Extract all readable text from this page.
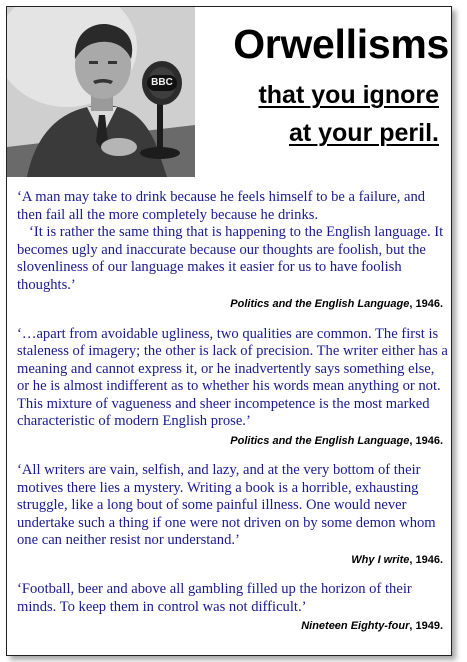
BBC
Orwellisms
that you ignore
at your peril.

‘A man may take to drink because he feels himself to be a failure, and then fail all the more completely because he drinks.

‘It is rather the same thing that is happening to the English language. It becomes ugly and inaccurate because our thoughts are foolish, but the slovenliness of our language makes it easier for us to have foolish thoughts.’

Politics and the English Language, 1946.

‘…apart from avoidable ugliness, two qualities are common. The first is staleness of imagery; the other is lack of precision. The writer either has a meaning and cannot express it, or he inadvertently says something else, or he is almost indifferent as to whether his words mean anything or not. This mixture of vagueness and sheer incompetence is the most marked characteristic of modern English prose.’

Politics and the English Language, 1946.

‘All writers are vain, selfish, and lazy, and at the very bottom of their motives there lies a mystery. Writing a book is a horrible, exhausting struggle, like a long bout of some painful illness. One would never undertake such a thing if one were not driven on by some demon whom one can neither resist nor understand.’

Why I write, 1946.

‘Football, beer and above all gambling filled up the horizon of their minds. To keep them in control was not difficult.’

Nineteen Eighty-four, 1949.
